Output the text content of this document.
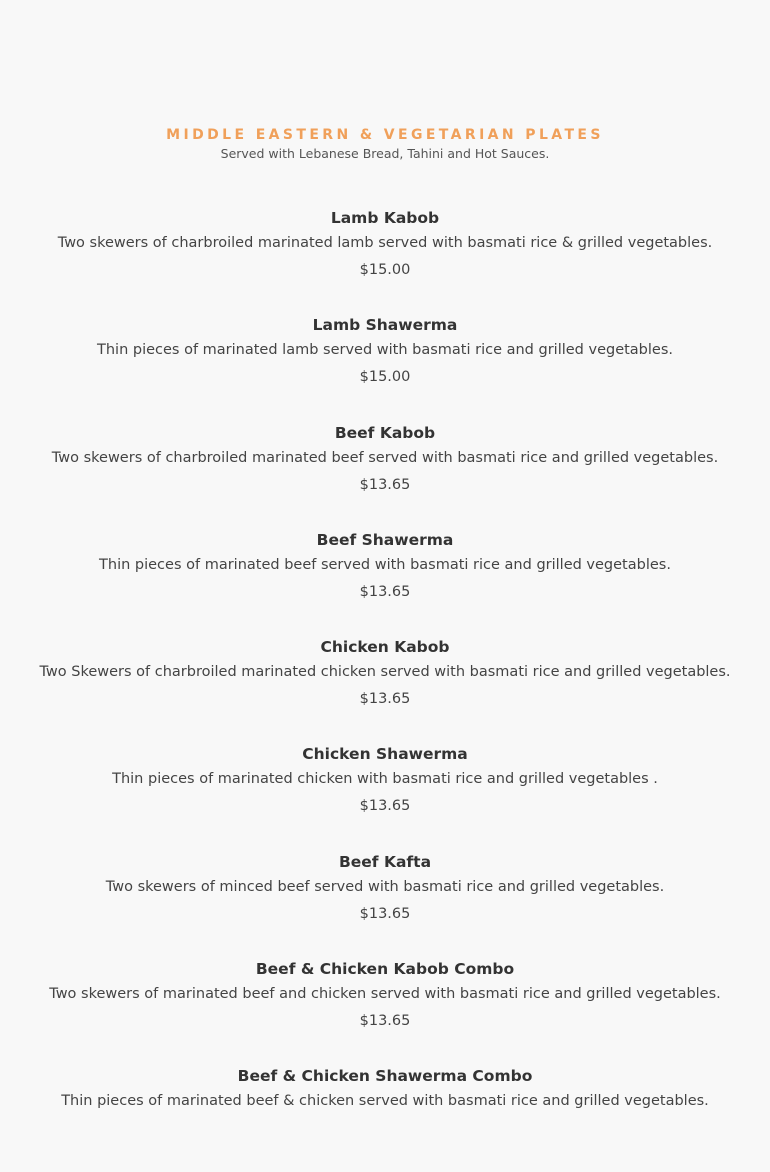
MIDDLE EASTERN & VEGETARIAN PLATES
Served with Lebanese Bread, Tahini and Hot Sauces.
Lamb Kabob
Two skewers of charbroiled marinated lamb served with basmati rice & grilled vegetables.
$15.00
Lamb Shawerma
Thin pieces of marinated lamb served with basmati rice and grilled vegetables.
$15.00
Beef Kabob
Two skewers of charbroiled marinated beef served with basmati rice and grilled vegetables.
$13.65
Beef Shawerma
Thin pieces of marinated beef served with basmati rice and grilled vegetables.
$13.65
Chicken Kabob
Two Skewers of charbroiled marinated chicken served with basmati rice and grilled vegetables.
$13.65
Chicken Shawerma
Thin pieces of marinated chicken with basmati rice and grilled vegetables .
$13.65
Beef Kafta
Two skewers of minced beef served with basmati rice and grilled vegetables.
$13.65
Beef & Chicken Kabob Combo
Two skewers of marinated beef and chicken served with basmati rice and grilled vegetables.
$13.65
Beef & Chicken Shawerma Combo
Thin pieces of marinated beef & chicken served with basmati rice and grilled vegetables.
